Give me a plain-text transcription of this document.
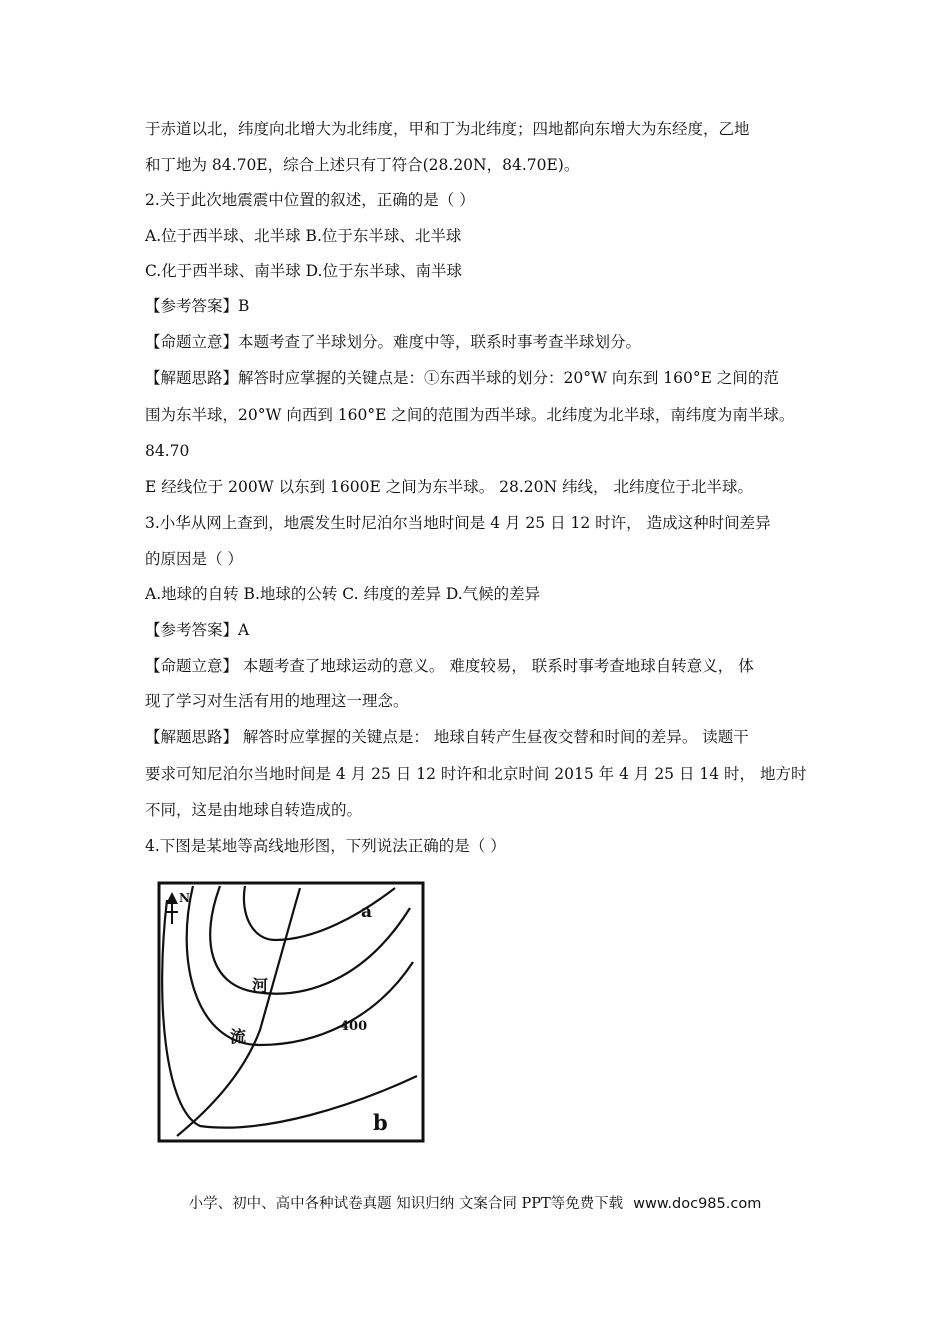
于赤道以北，纬度向北增大为北纬度，甲和丁为北纬度；四地都向东增大为东经度，乙地
和丁地为 84.70E，综合上述只有丁符合(28.20N，84.70E)。
2.关于此次地震震中位置的叙述，正确的是（ ）
A.位于西半球、北半球 B.位于东半球、北半球
C.化于西半球、南半球 D.位于东半球、南半球
【参考答案】B
【命题立意】本题考查了半球划分。难度中等，联系时事考查半球划分。
【解题思路】解答时应掌握的关键点是：①东西半球的划分：20°W 向东到 160°E 之间的范
围为东半球，20°W 向西到 160°E 之间的范围为西半球。北纬度为北半球，南纬度为南半球。
84.70
E 经线位于 200W 以东到 1600E 之间为东半球。 28.20N 纬线， 北纬度位于北半球。
3.小华从网上查到，地震发生时尼泊尔当地时间是 4 月 25 日 12 时许， 造成这种时间差异
的原因是（ ）
A.地球的自转 B.地球的公转 C. 纬度的差异 D.气候的差异
【参考答案】A
【命题立意】 本题考查了地球运动的意义。 难度较易， 联系时事考查地球自转意义， 体
现了学习对生活有用的地理这一理念。
【解题思路】 解答时应掌握的关键点是： 地球自转产生昼夜交替和时间的差异。 读题干
要求可知尼泊尔当地时间是 4 月 25 日 12 时许和北京时间 2015 年 4 月 25 日 14 时， 地方时
不同，这是由地球自转造成的。
4.下图是某地等高线地形图，下列说法正确的是（ ）
N
a
河
流
400
b
小学、初中、高中各种试卷真题 知识归纳 文案合同 PPT等免费下载 www.doc985.com
